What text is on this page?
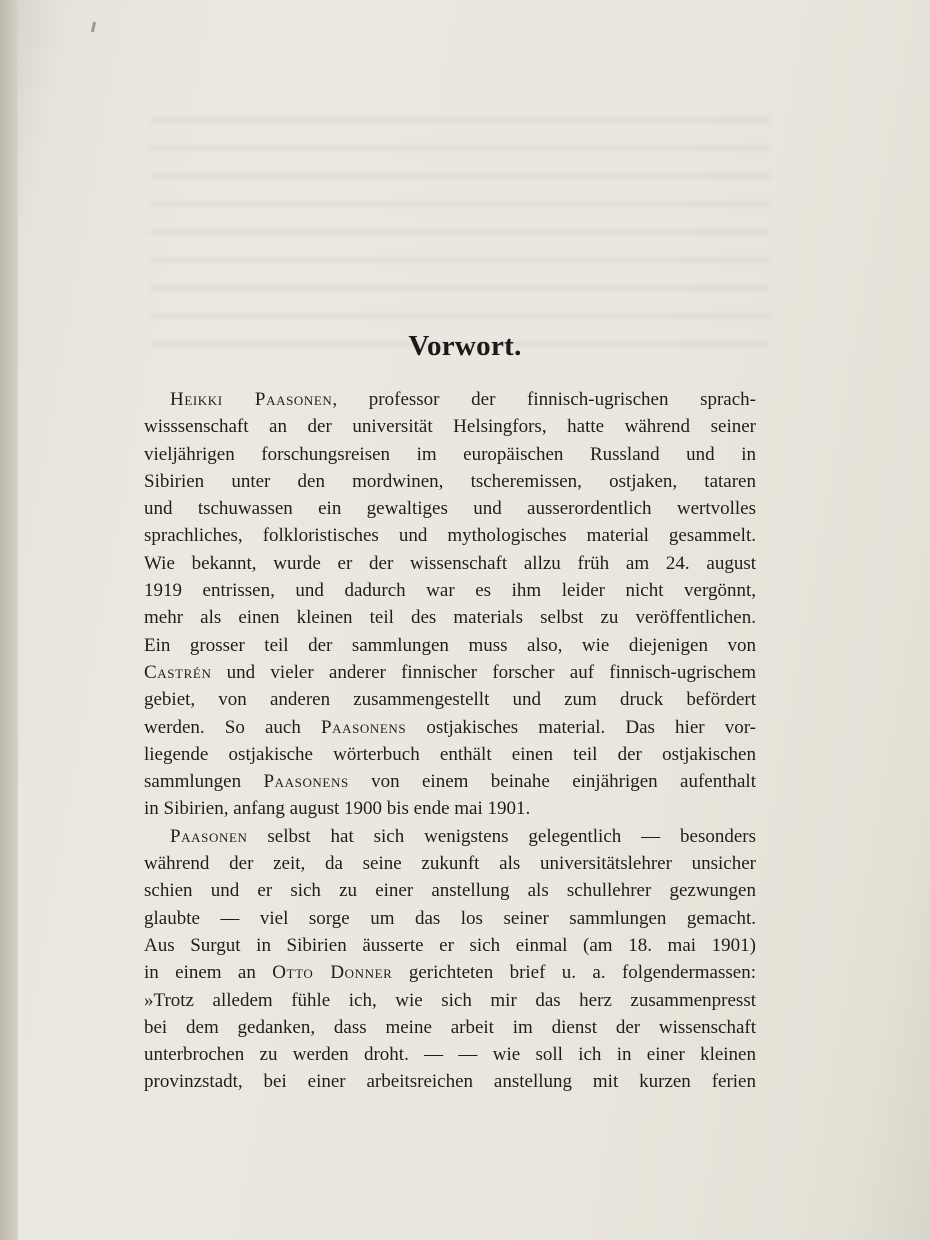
Vorwort.
Heikki Paasonen, professor der finnisch-ugrischen sprach-
wisssenschaft an der universität Helsingfors, hatte während seiner
vieljährigen forschungsreisen im europäischen Russland und in
Sibirien unter den mordwinen, tscheremissen, ostjaken, tataren
und tschuwassen ein gewaltiges und ausserordentlich wertvolles
sprachliches, folkloristisches und mythologisches material gesammelt.
Wie bekannt, wurde er der wissenschaft allzu früh am 24. august
1919 entrissen, und dadurch war es ihm leider nicht vergönnt,
mehr als einen kleinen teil des materials selbst zu veröffentlichen.
Ein grosser teil der sammlungen muss also, wie diejenigen von
Castrén und vieler anderer finnischer forscher auf finnisch-ugrischem
gebiet, von anderen zusammengestellt und zum druck befördert
werden. So auch Paasonens ostjakisches material. Das hier vor-
liegende ostjakische wörterbuch enthält einen teil der ostjakischen
sammlungen Paasonens von einem beinahe einjährigen aufenthalt
in Sibirien, anfang august 1900 bis ende mai 1901.
Paasonen selbst hat sich wenigstens gelegentlich — besonders
während der zeit, da seine zukunft als universitätslehrer unsicher
schien und er sich zu einer anstellung als schullehrer gezwungen
glaubte — viel sorge um das los seiner sammlungen gemacht.
Aus Surgut in Sibirien äusserte er sich einmal (am 18. mai 1901)
in einem an Otto Donner gerichteten brief u. a. folgendermassen:
»Trotz alledem fühle ich, wie sich mir das herz zusammenpresst
bei dem gedanken, dass meine arbeit im dienst der wissenschaft
unterbrochen zu werden droht. — — wie soll ich in einer kleinen
provinzstadt, bei einer arbeitsreichen anstellung mit kurzen ferien
